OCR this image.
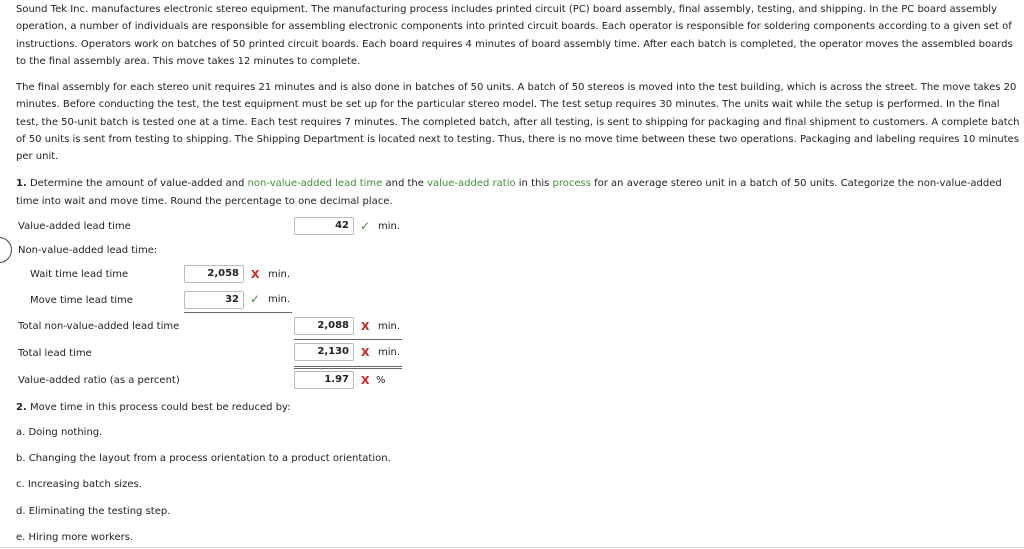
Sound Tek Inc. manufactures electronic stereo equipment. The manufacturing process includes printed circuit (PC) board assembly, final assembly, testing, and shipping. In the PC board assembly operation, a number of individuals are responsible for assembling electronic components into printed circuit boards. Each operator is responsible for soldering components according to a given set of instructions. Operators work on batches of 50 printed circuit boards. Each board requires 4 minutes of board assembly time. After each batch is completed, the operator moves the assembled boards to the final assembly area. This move takes 12 minutes to complete.

The final assembly for each stereo unit requires 21 minutes and is also done in batches of 50 units. A batch of 50 stereos is moved into the test building, which is across the street. The move takes 20 minutes. Before conducting the test, the test equipment must be set up for the particular stereo model. The test setup requires 30 minutes. The units wait while the setup is performed. In the final test, the 50-unit batch is tested one at a time. Each test requires 7 minutes. The completed batch, after all testing, is sent to shipping for packaging and final shipment to customers. A complete batch of 50 units is sent from testing to shipping. The Shipping Department is located next to testing. Thus, there is no move time between these two operations. Packaging and labeling requires 10 minutes per unit.

1. Determine the amount of value-added and non-value-added lead time and the value-added ratio in this process for an average stereo unit in a batch of 50 units. Categorize the non-value-added time into wait and move time. Round the percentage to one decimal place.

Value-added lead time	42 ✓ min.
Non-value-added lead time:
Wait time lead time	2,058	X min.
Move time lead time	32 ✓ min.
Total non-value-added lead time	2,088	X min.
Total lead time	2,130	X min.
Value-added ratio (as a percent)	1.97	X %

2. Move time in this process could best be reduced by:

a. Doing nothing.
b. Changing the layout from a process orientation to a product orientation.
c. Increasing batch sizes.
d. Eliminating the testing step.
e. Hiring more workers.
